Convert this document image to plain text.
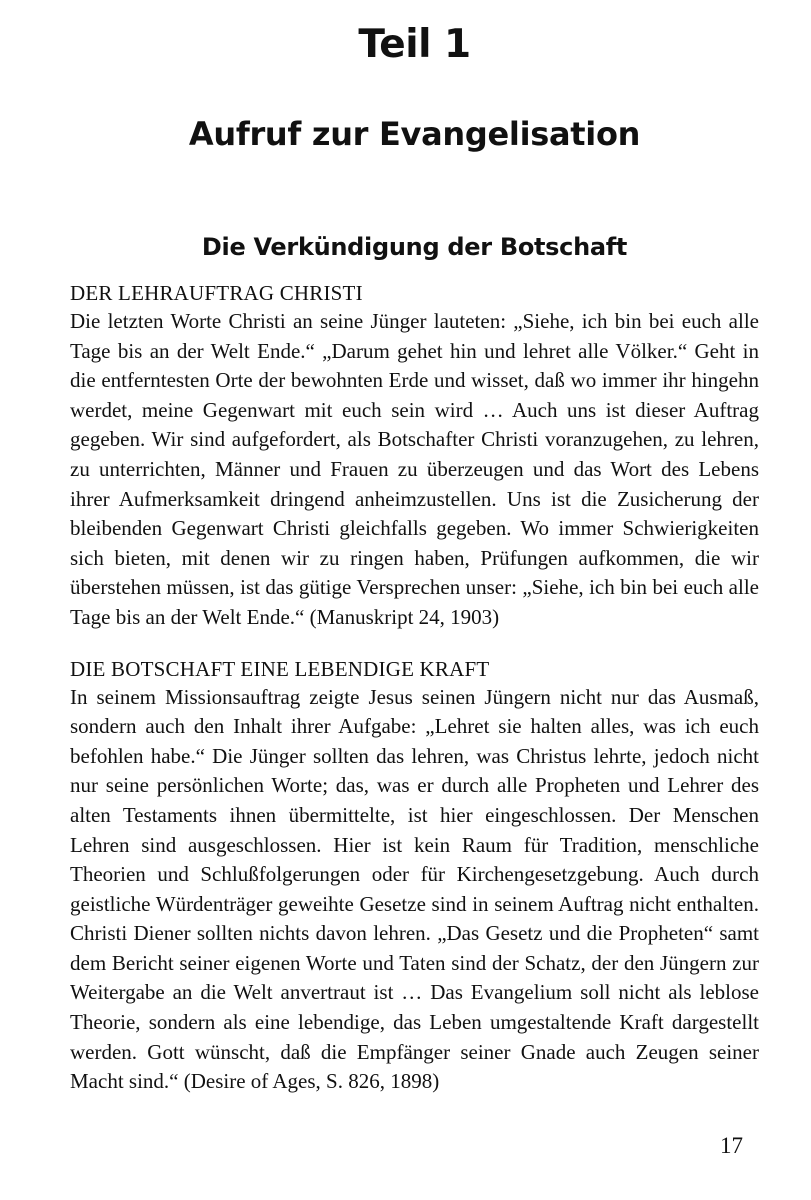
Teil 1
Aufruf zur Evangelisation
Die Verkündigung der Botschaft

DER LEHRAUFTRAG CHRISTI

Die letzten Worte Christi an seine Jünger lauteten: „Siehe, ich bin bei euch alle Tage bis an der Welt Ende.“ „Darum gehet hin und lehret alle Völker.“ Geht in die entferntesten Orte der bewohnten Erde und wisset, daß wo immer ihr hingehn werdet, meine Gegenwart mit euch sein wird … Auch uns ist dieser Auftrag gegeben. Wir sind aufgefordert, als Botschafter Christi voranzugehen, zu lehren, zu unterrichten, Männer und Frauen zu überzeugen und das Wort des Lebens ihrer Aufmerksamkeit dringend anheimzustellen. Uns ist die Zusicherung der bleibenden Gegenwart Christi gleichfalls gegeben. Wo immer Schwierigkeiten sich bieten, mit denen wir zu ringen haben, Prüfungen aufkommen, die wir überstehen müssen, ist das gütige Versprechen unser: „Siehe, ich bin bei euch alle Tage bis an der Welt Ende.“ (Manuskript 24, 1903)

DIE BOTSCHAFT EINE LEBENDIGE KRAFT

In seinem Missionsauftrag zeigte Jesus seinen Jüngern nicht nur das Ausmaß, sondern auch den Inhalt ihrer Aufgabe: „Lehret sie halten alles, was ich euch befohlen habe.“ Die Jünger sollten das lehren, was Christus lehrte, jedoch nicht nur seine persönlichen Worte; das, was er durch alle Propheten und Lehrer des alten Testaments ihnen übermittelte, ist hier eingeschlossen. Der Menschen Lehren sind ausgeschlossen. Hier ist kein Raum für Tradition, menschliche Theorien und Schlußfolgerungen oder für Kirchengesetzgebung. Auch durch geistliche Würdenträger geweihte Gesetze sind in seinem Auftrag nicht enthalten. Christi Diener sollten nichts davon lehren. „Das Gesetz und die Propheten“ samt dem Bericht seiner eigenen Worte und Taten sind der Schatz, der den Jüngern zur Weitergabe an die Welt anvertraut ist … Das Evangelium soll nicht als leblose Theorie, sondern als eine lebendige, das Leben umgestaltende Kraft dargestellt werden. Gott wünscht, daß die Empfänger seiner Gnade auch Zeugen seiner Macht sind.“ (Desire of Ages, S. 826, 1898)

17
